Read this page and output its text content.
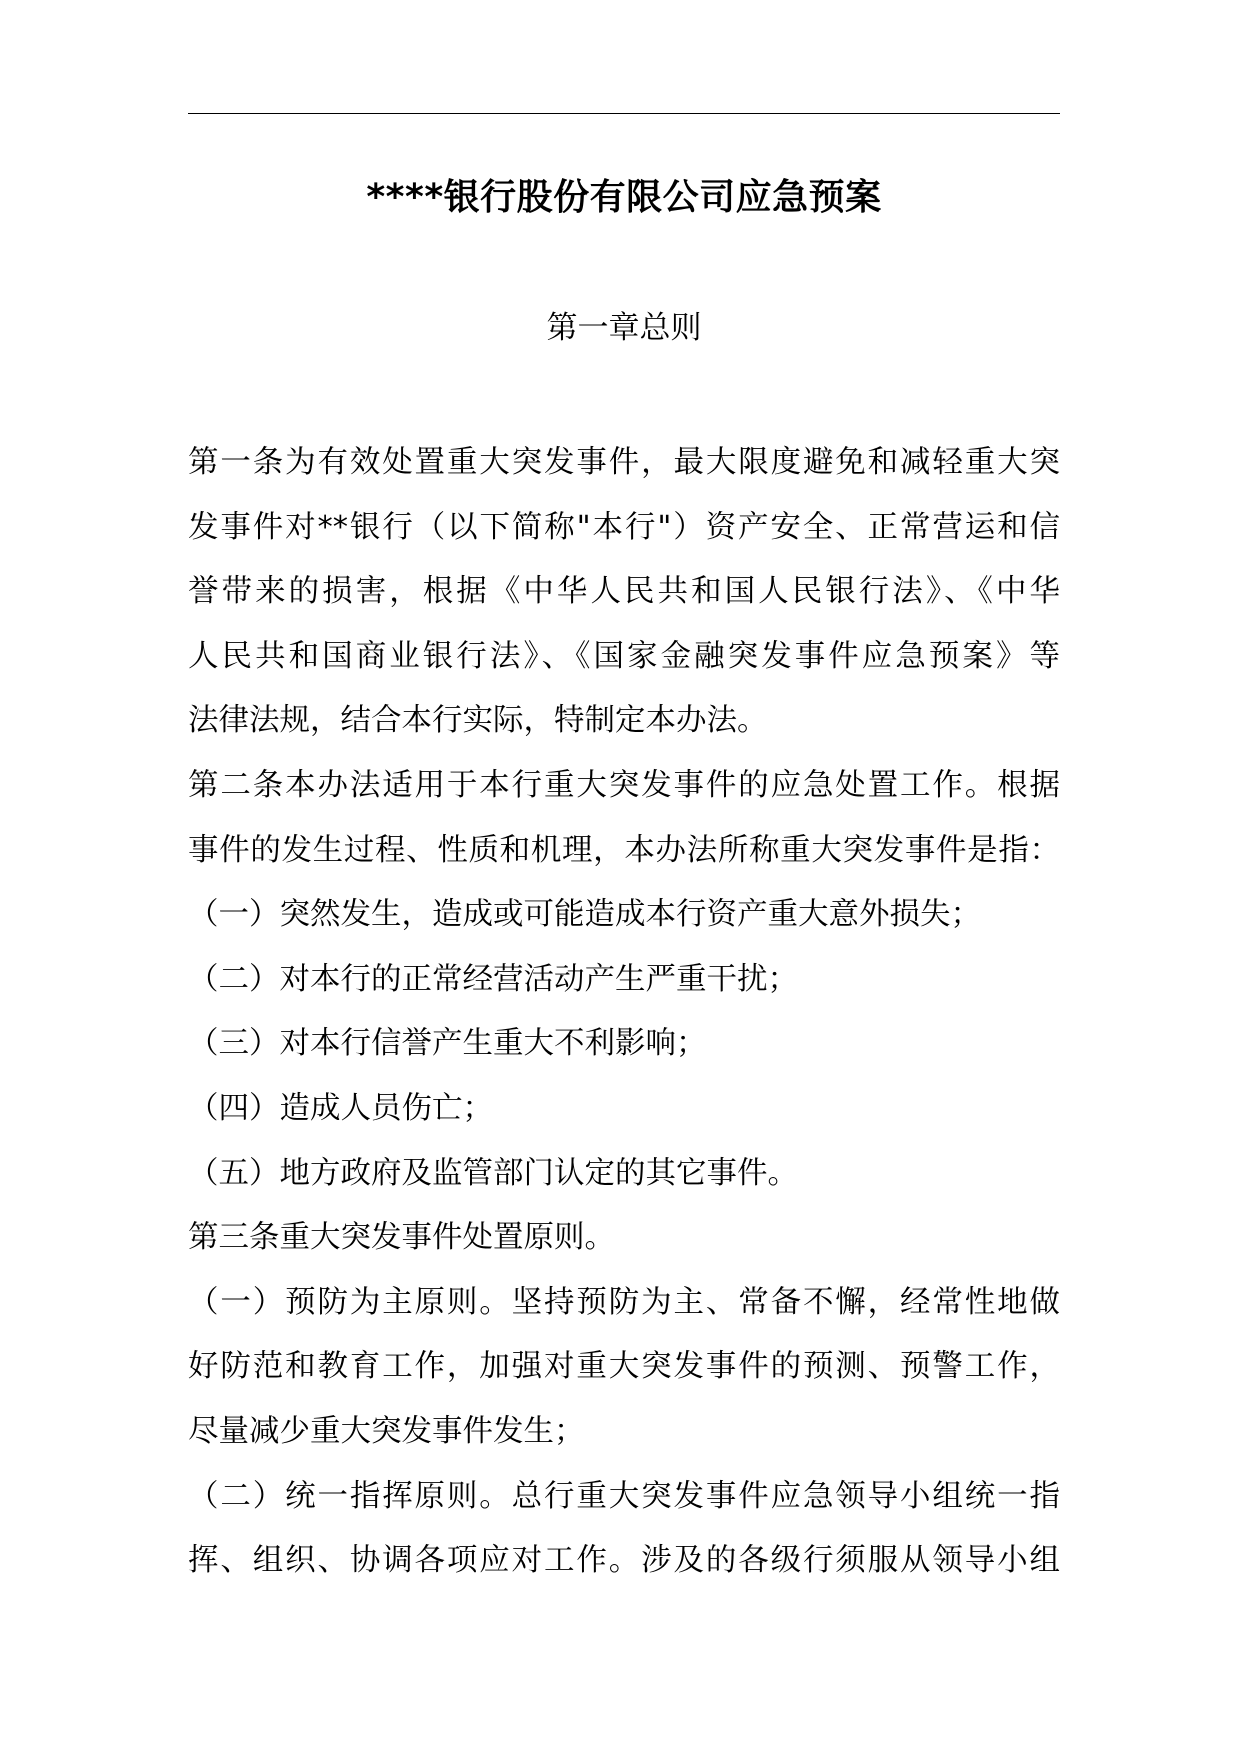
****银行股份有限公司应急预案
第一章总则
第一条为有效处置重大突发事件，最大限度避免和减轻重大突
发事件对**银行（以下简称"本行"）资产安全、正常营运和信
誉带来的损害，根据《中华人民共和国人民银行法》、《中华
人民共和国商业银行法》、《国家金融突发事件应急预案》等
法律法规，结合本行实际，特制定本办法。
第二条本办法适用于本行重大突发事件的应急处置工作。根据
事件的发生过程、性质和机理，本办法所称重大突发事件是指：
（一）突然发生，造成或可能造成本行资产重大意外损失；
（二）对本行的正常经营活动产生严重干扰；
（三）对本行信誉产生重大不利影响；
（四）造成人员伤亡；
（五）地方政府及监管部门认定的其它事件。
第三条重大突发事件处置原则。
（一）预防为主原则。坚持预防为主、常备不懈，经常性地做
好防范和教育工作，加强对重大突发事件的预测、预警工作，
尽量减少重大突发事件发生；
（二）统一指挥原则。总行重大突发事件应急领导小组统一指
挥、组织、协调各项应对工作。涉及的各级行须服从领导小组
